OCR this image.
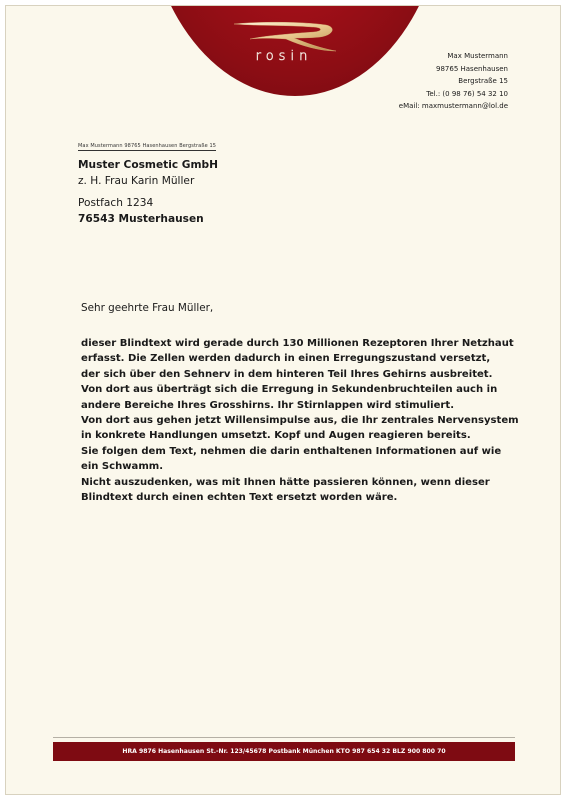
rosin	Max Mustermann
98765 Hasenhausen
Bergstraße 15
Tel.: (0 98 76) 54 32 10
eMail: maxmustermann@lol.de
Max Mustermann 98765 Hasenhausen Bergstraße 15
Muster Cosmetic GmbH
z. H. Frau Karin Müller
Postfach 1234
76543 Musterhausen
Sehr geehrte Frau Müller,
dieser Blindtext wird gerade durch 130 Millionen Rezeptoren Ihrer Netzhaut
erfasst. Die Zellen werden dadurch in einen Erregungszustand versetzt,
der sich über den Sehnerv in dem hinteren Teil Ihres Gehirns ausbreitet.
Von dort aus überträgt sich die Erregung in Sekundenbruchteilen auch in
andere Bereiche Ihres Grosshirns. Ihr Stirnlappen wird stimuliert.
Von dort aus gehen jetzt Willensimpulse aus, die Ihr zentrales Nervensystem
in konkrete Handlungen umsetzt. Kopf und Augen reagieren bereits.
Sie folgen dem Text, nehmen die darin enthaltenen Informationen auf wie
ein Schwamm.
Nicht auszudenken, was mit Ihnen hätte passieren können, wenn dieser
Blindtext durch einen echten Text ersetzt worden wäre.
HRA 9876 Hasenhausen St.-Nr. 123/45678 Postbank München KTO 987 654 32 BLZ 900 800 70
